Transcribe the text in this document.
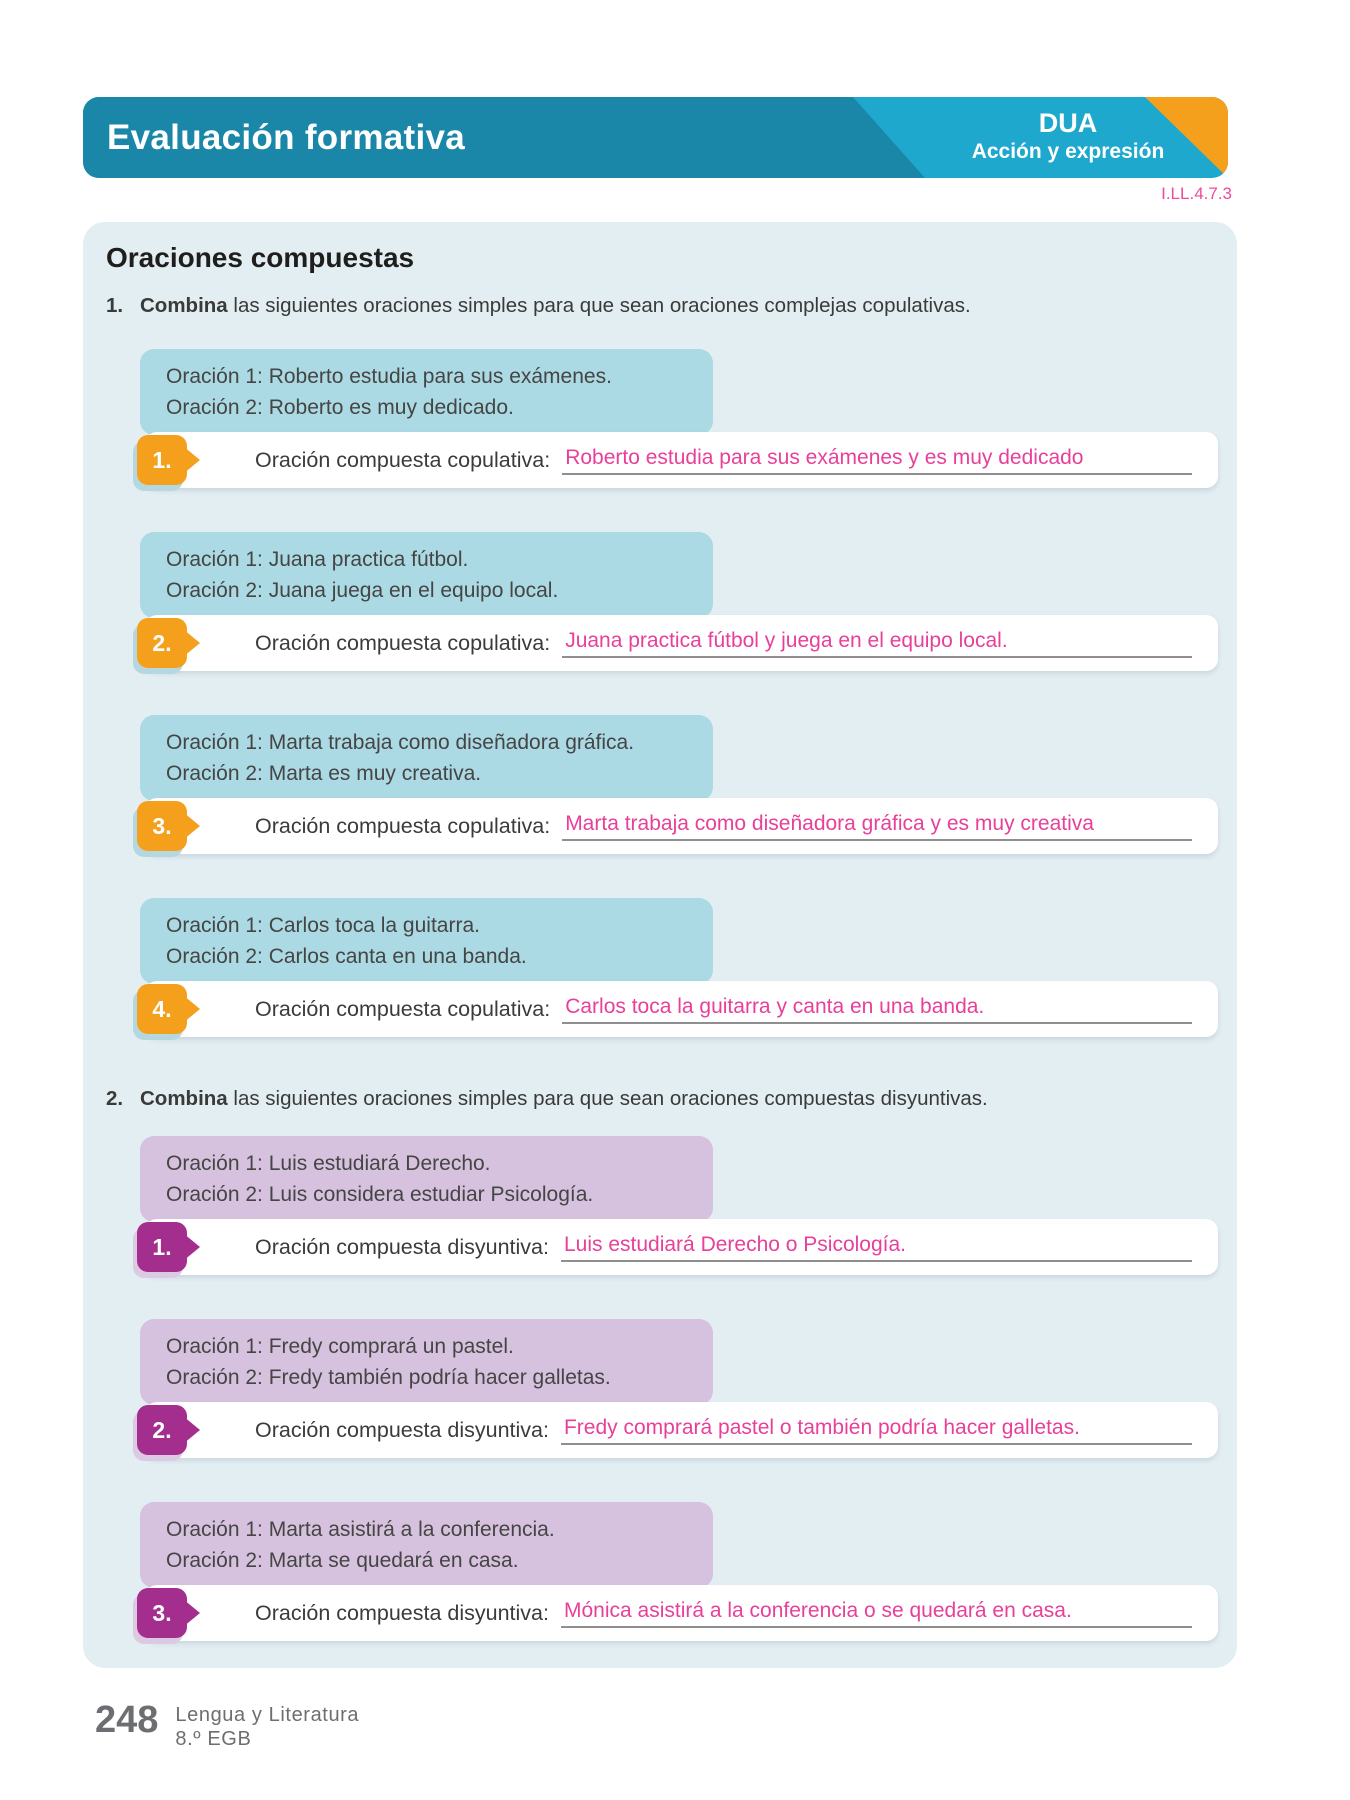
Evaluación formativa	DUA
Acción y expresión
I.LL.4.7.3
Oraciones compuestas
1. Combina las siguientes oraciones simples para que sean oraciones complejas copulativas.

Oración 1: Roberto estudia para sus exámenes.
Oración 2: Roberto es muy dedicado.
1.	Oración compuesta copulativa: Roberto estudia para sus exámenes y es muy dedicado
Oración 1: Juana practica fútbol.
Oración 2: Juana juega en el equipo local.
2.	Oración compuesta copulativa: Juana practica fútbol y juega en el equipo local.
Oración 1: Marta trabaja como diseñadora gráfica.
Oración 2: Marta es muy creativa.
3.	Oración compuesta copulativa: Marta trabaja como diseñadora gráfica y es muy creativa
Oración 1: Carlos toca la guitarra.
Oración 2: Carlos canta en una banda.
4.	Oración compuesta copulativa: Carlos toca la guitarra y canta en una banda.
2. Combina las siguientes oraciones simples para que sean oraciones compuestas disyuntivas.

Oración 1: Luis estudiará Derecho.
Oración 2: Luis considera estudiar Psicología.
1.	Oración compuesta disyuntiva: Luis estudiará Derecho o Psicología.
Oración 1: Fredy comprará un pastel.
Oración 2: Fredy también podría hacer galletas.
2.	Oración compuesta disyuntiva: Fredy comprará pastel o también podría hacer galletas.
Oración 1: Marta asistirá a la conferencia.
Oración 2: Marta se quedará en casa.
3.	Oración compuesta disyuntiva: Mónica asistirá a la conferencia o se quedará en casa.
248 Lengua y Literatura
8.º EGB
